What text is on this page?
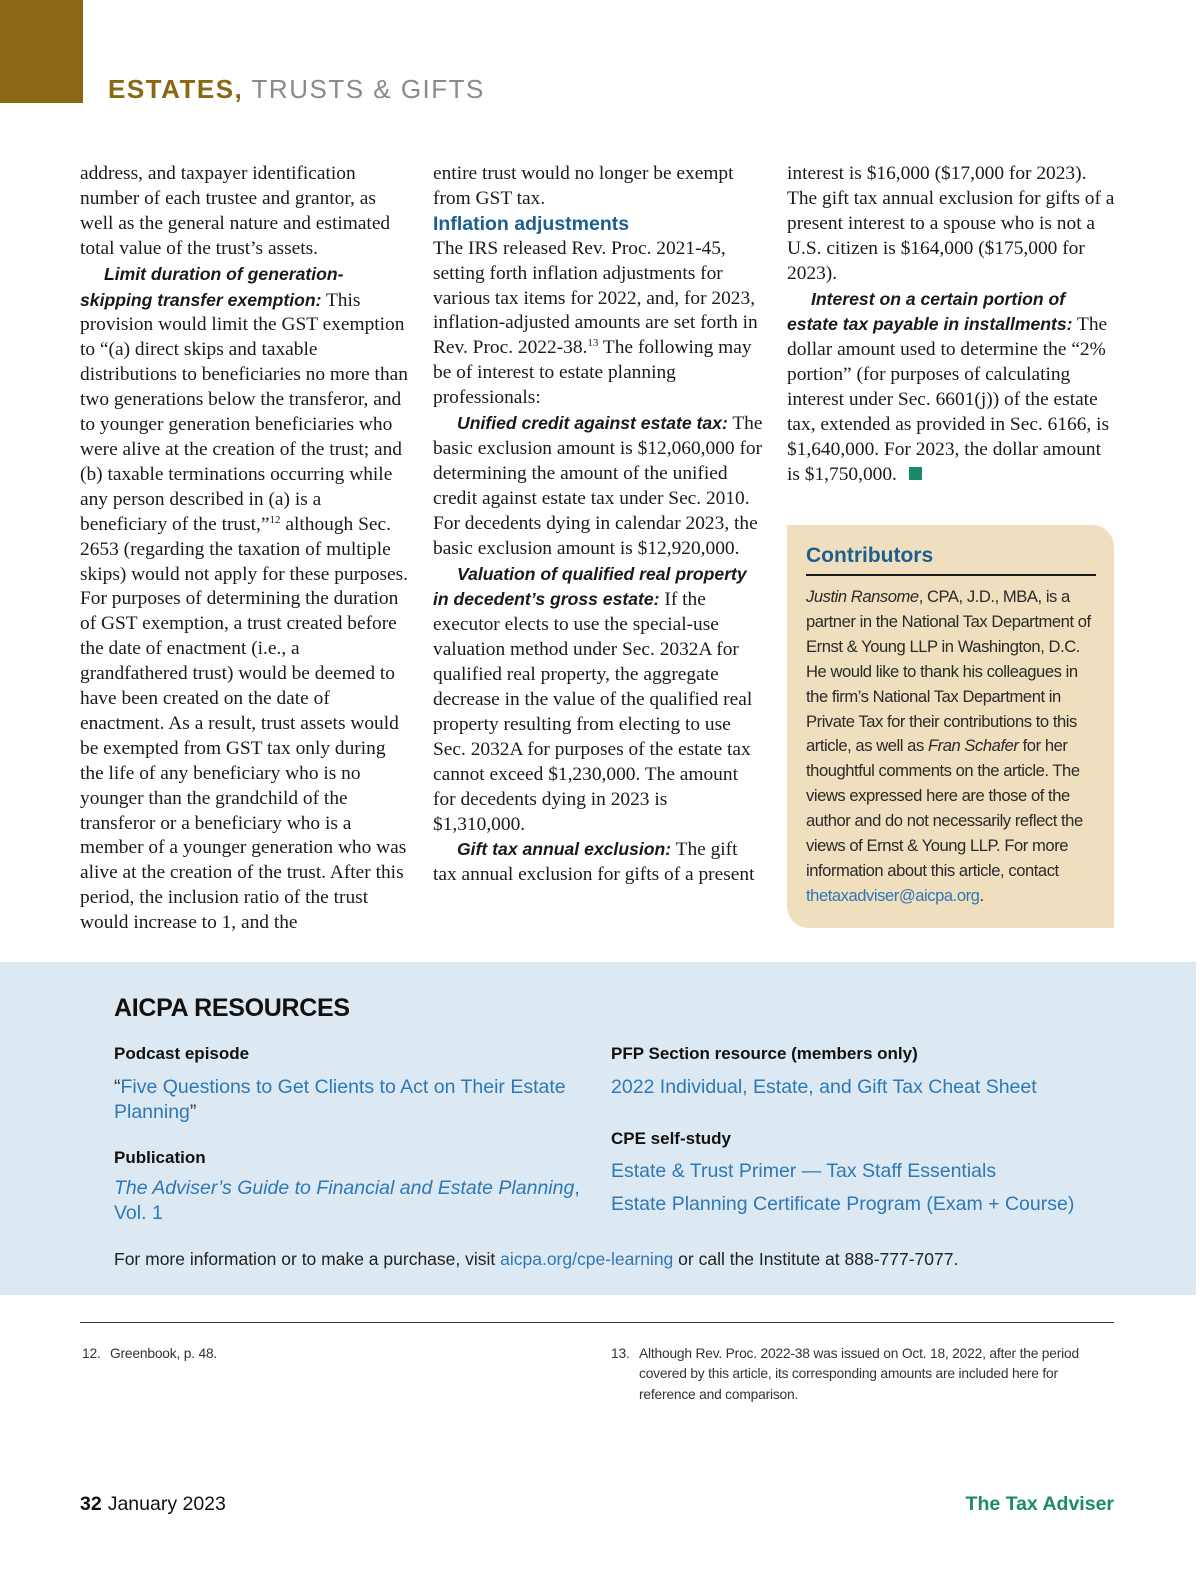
ESTATES, TRUSTS & GIFTS

address, and taxpayer identification number of each trustee and grantor, as well as the general nature and estimated total value of the trust’s assets.

Limit duration of generation-skipping transfer exemption: This provision would limit the GST exemption to “(a) direct skips and taxable distributions to beneficiaries no more than two generations below the transferor, and to younger generation beneficiaries who were alive at the creation of the trust; and (b) taxable terminations occurring while any person described in (a) is a beneficiary of the trust,”$^{12}$ although Sec. 2653 (regarding the taxation of multiple skips) would not apply for these purposes. For purposes of determining the duration of GST exemption, a trust created before the date of enactment (i.e., a grandfathered trust) would be deemed to have been created on the date of enactment. As a result, trust assets would be exempted from GST tax only during the life of any beneficiary who is no younger than the grandchild of the transferor or a beneficiary who is a member of a younger generation who was alive at the creation of the trust. After this period, the inclusion ratio of the trust would increase to 1, and the

entire trust would no longer be exempt from GST tax.

Inflation adjustments

The IRS released Rev. Proc. 2021-45, setting forth inflation adjustments for various tax items for 2022, and, for 2023, inflation-adjusted amounts are set forth in Rev. Proc. 2022-38.13 The following may be of interest to estate planning professionals:

Unified credit against estate tax: The basic exclusion amount is $12,060,000 for determining the amount of the unified credit against estate tax under Sec. 2010. For decedents dying in calendar 2023, the basic exclusion amount is $12,920,000.

Valuation of qualified real property in decedent’s gross estate: If the executor elects to use the special-use valuation method under Sec. 2032A for qualified real property, the aggregate decrease in the value of the qualified real property resulting from electing to use Sec. 2032A for purposes of the estate tax cannot exceed $1,230,000. The amount for decedents dying in 2023 is $1,310,000.

Gift tax annual exclusion: The gift tax annual exclusion for gifts of a present

interest is $16,000 ($17,000 for 2023). The gift tax annual exclusion for gifts of a present interest to a spouse who is not a U.S. citizen is $164,000 ($175,000 for 2023).

Interest on a certain portion of estate tax payable in installments: The dollar amount used to determine the “2% portion” (for purposes of calculating interest under Sec. 6601(j)) of the estate tax, extended as provided in Sec. 6166, is $1,640,000. For 2023, the dollar amount is $1,750,000.

Contributors
Justin Ransome, CPA, J.D., MBA, is a partner in the National Tax Department of Ernst & Young LLP in Washington, D.C. He would like to thank his colleagues in the firm’s National Tax Department in Private Tax for their contributions to this article, as well as Fran Schafer for her thoughtful comments on the article. The views expressed here are those of the author and do not necessarily reflect the views of Ernst & Young LLP. For more information about this article, contact thetaxadviser@aicpa.org.
AICPA RESOURCES
Podcast episode
“Five Questions to Get Clients to Act on Their Estate Planning”
Publication
The Adviser’s Guide to Financial and Estate Planning, Vol. 1
PFP Section resource (members only)
2022 Individual, Estate, and Gift Tax Cheat Sheet
CPE self-study
Estate & Trust Primer — Tax Staff Essentials
Estate Planning Certificate Program (Exam + Course)
For more information or to make a purchase, visit aicpa.org/cpe-learning or call the Institute at 888-777-7077.
12. Greenbook, p. 48.	13. Although Rev. Proc. 2022-38 was issued on Oct. 18, 2022, after the period covered by this article, its corresponding amounts are included here for reference and comparison.
32 January 2023	The Tax Adviser
